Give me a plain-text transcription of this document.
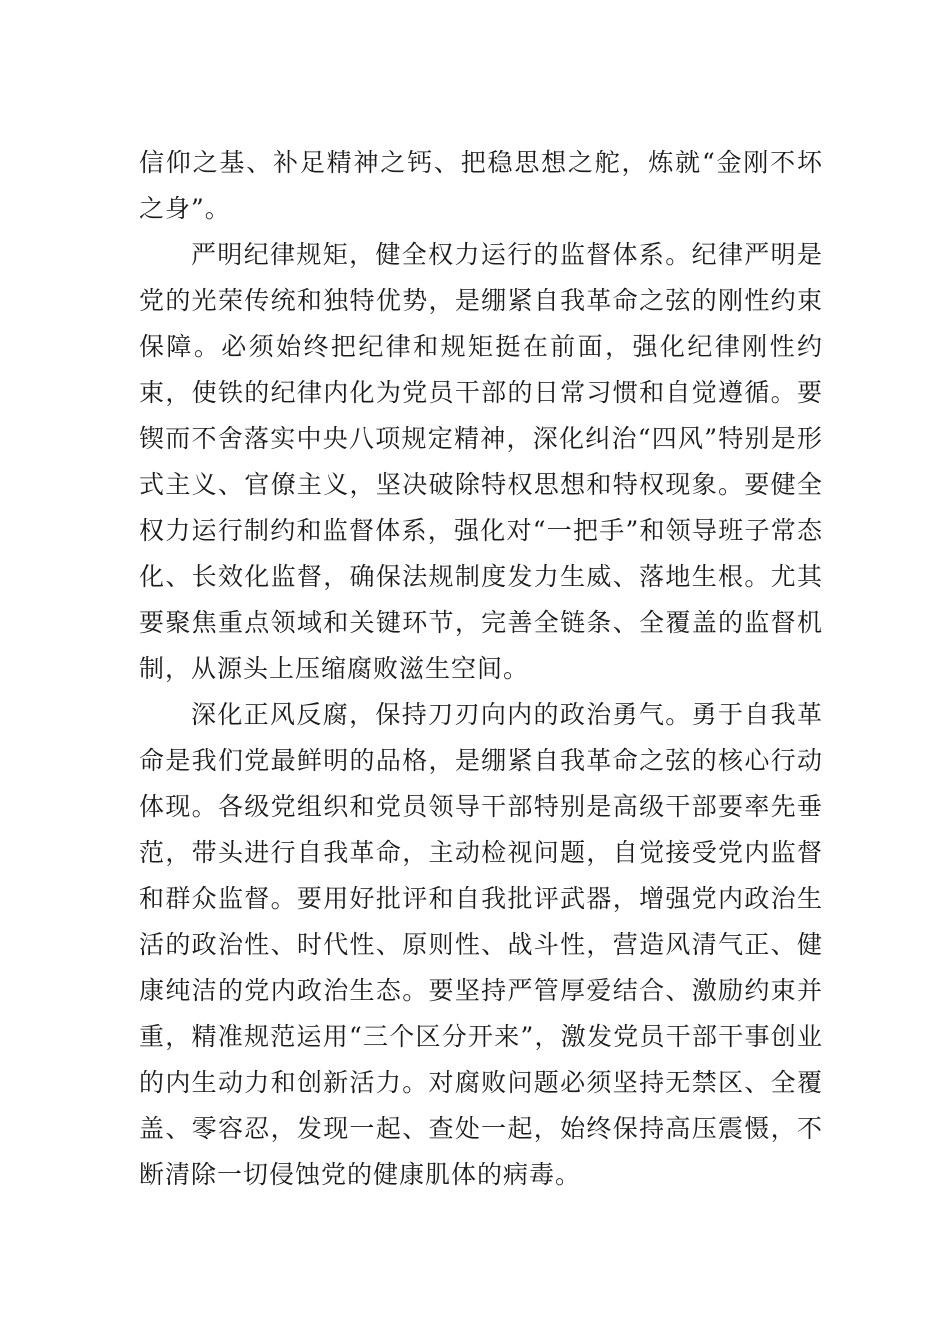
信仰之基、补足精神之钙、把稳思想之舵，炼就“金刚不坏之身”。

严明纪律规矩，健全权力运行的监督体系。纪律严明是党的光荣传统和独特优势，是绷紧自我革命之弦的刚性约束保障。必须始终把纪律和规矩挺在前面，强化纪律刚性约束，使铁的纪律内化为党员干部的日常习惯和自觉遵循。要锲而不舍落实中央八项规定精神，深化纠治“四风”特别是形式主义、官僚主义，坚决破除特权思想和特权现象。要健全权力运行制约和监督体系，强化对“一把手”和领导班子常态化、长效化监督，确保法规制度发力生威、落地生根。尤其要聚焦重点领域和关键环节，完善全链条、全覆盖的监督机制，从源头上压缩腐败滋生空间。

深化正风反腐，保持刀刃向内的政治勇气。勇于自我革命是我们党最鲜明的品格，是绷紧自我革命之弦的核心行动体现。各级党组织和党员领导干部特别是高级干部要率先垂范，带头进行自我革命，主动检视问题，自觉接受党内监督和群众监督。要用好批评和自我批评武器，增强党内政治生活的政治性、时代性、原则性、战斗性，营造风清气正、健康纯洁的党内政治生态。要坚持严管厚爱结合、激励约束并重，精准规范运用“三个区分开来”，激发党员干部干事创业的内生动力和创新活力。对腐败问题必须坚持无禁区、全覆盖、零容忍，发现一起、查处一起，始终保持高压震慑，不断清除一切侵蚀党的健康肌体的病毒。
